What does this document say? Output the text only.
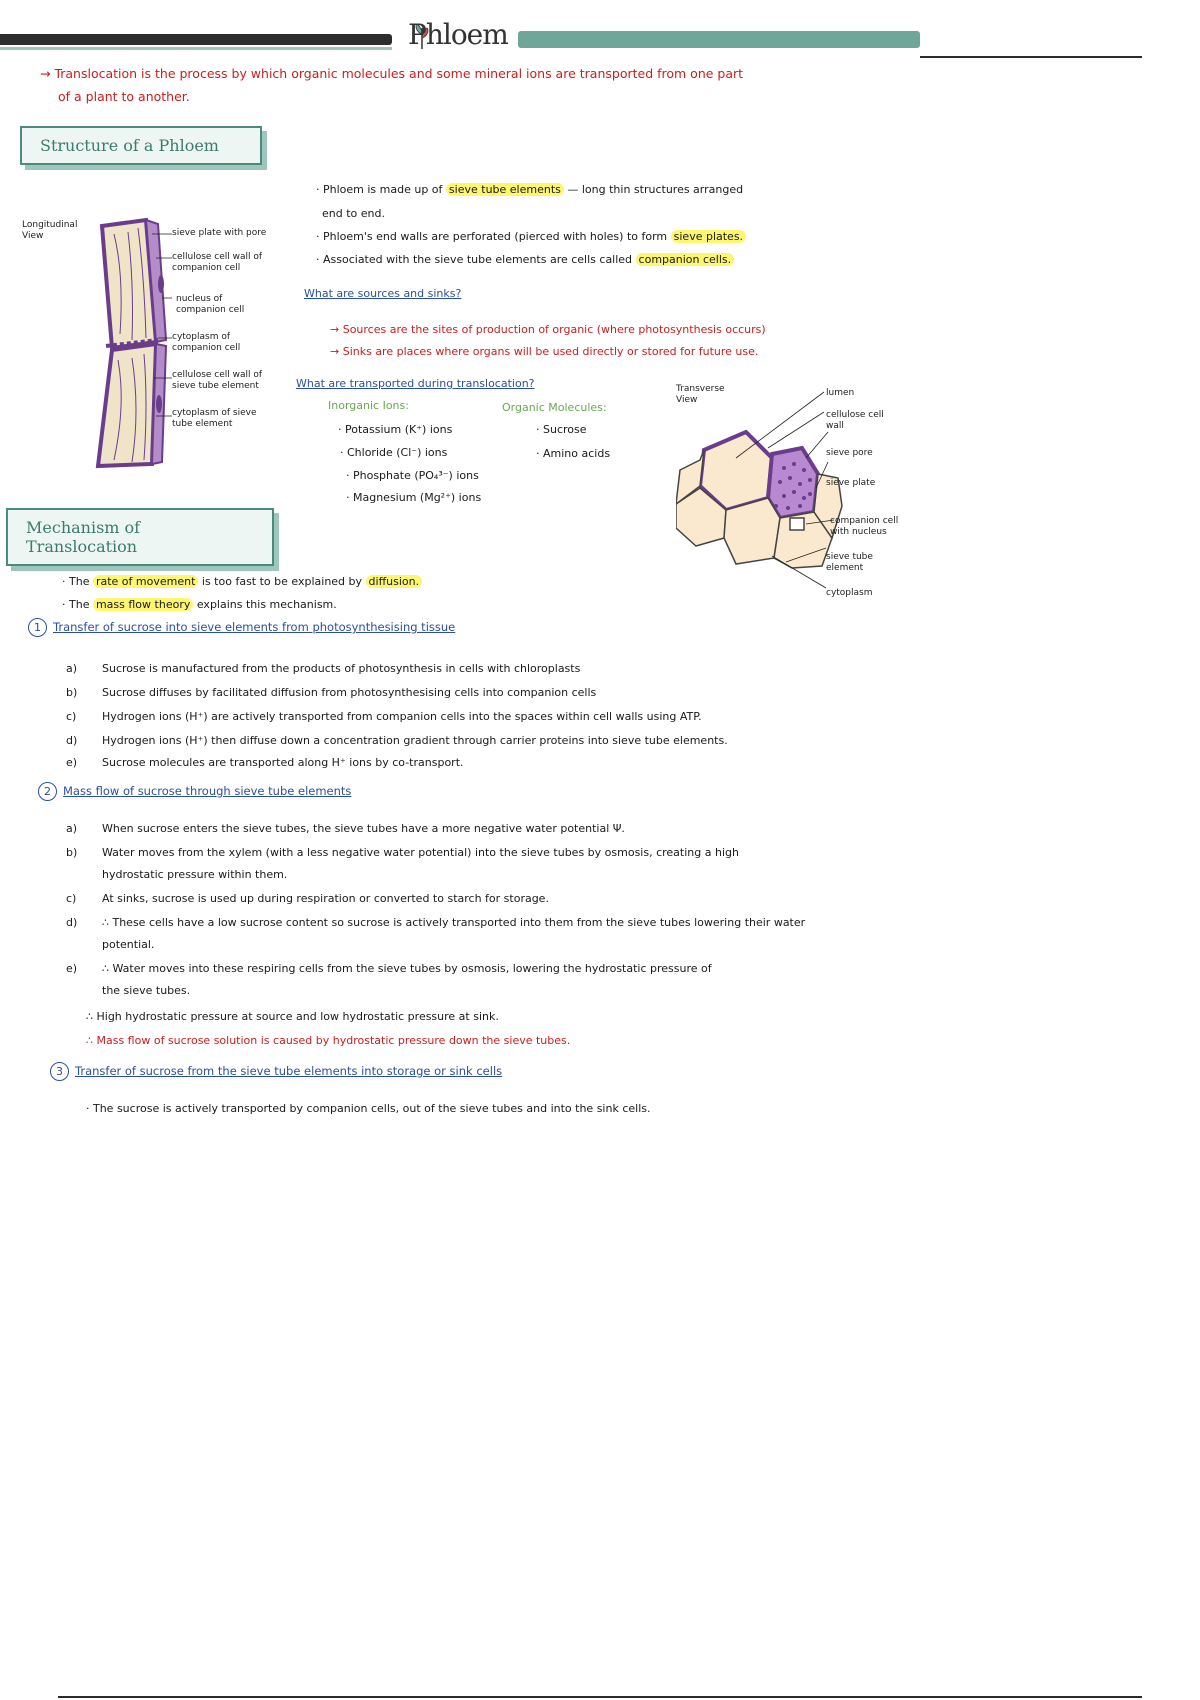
Phloem
→ Translocation is the process by which organic molecules and some mineral ions are transported from one part
of a plant to another.
Structure of a Phloem
Longitudinal View	sieve plate with pore
cellulose cell wall of companion cell
nucleus of companion cell
cytoplasm of companion cell
cellulose cell wall of sieve tube element
cytoplasm of sieve tube element
· Phloem is made up of sieve tube elements — long thin structures arranged
end to end.
· Phloem's end walls are perforated (pierced with holes) to form sieve plates.
· Associated with the sieve tube elements are cells called companion cells.
What are sources and sinks?
→ Sources are the sites of production of organic (where photosynthesis occurs)
→ Sinks are places where organs will be used directly or stored for future use.
What are transported during translocation?
Inorganic Ions:	Organic Molecules:
· Potassium (K⁺) ions
· Chloride (Cl⁻) ions
· Phosphate (PO₄³⁻) ions
· Magnesium (Mg²⁺) ions
· Sucrose
· Amino acids
Transverse View
lumen
cellulose cell wall
sieve pore
sieve plate
companion cell with nucleus
sieve tube element
cytoplasm
Mechanism of Translocation
· The rate of movement is too fast to be explained by diffusion.
· The mass flow theory explains this mechanism.
1 Transfer of sucrose into sieve elements from photosynthesising tissue
a) Sucrose is manufactured from the products of photosynthesis in cells with chloroplasts
b) Sucrose diffuses by facilitated diffusion from photosynthesising cells into companion cells
c) Hydrogen ions (H⁺) are actively transported from companion cells into the spaces within cell walls using ATP.
d) Hydrogen ions (H⁺) then diffuse down a concentration gradient through carrier proteins into sieve tube elements.
e) Sucrose molecules are transported along H⁺ ions by co-transport.
2 Mass flow of sucrose through sieve tube elements
a) When sucrose enters the sieve tubes, the sieve tubes have a more negative water potential Ψ.
b) Water moves from the xylem (with a less negative water potential) into the sieve tubes by osmosis, creating a high
hydrostatic pressure within them.
c) At sinks, sucrose is used up during respiration or converted to starch for storage.
d) ∴ These cells have a low sucrose content so sucrose is actively transported into them from the sieve tubes lowering their water
potential.
e) ∴ Water moves into these respiring cells from the sieve tubes by osmosis, lowering the hydrostatic pressure of
the sieve tubes.
∴ High hydrostatic pressure at source and low hydrostatic pressure at sink.
∴ Mass flow of sucrose solution is caused by hydrostatic pressure down the sieve tubes.
3 Transfer of sucrose from the sieve tube elements into storage or sink cells
· The sucrose is actively transported by companion cells, out of the sieve tubes and into the sink cells.
